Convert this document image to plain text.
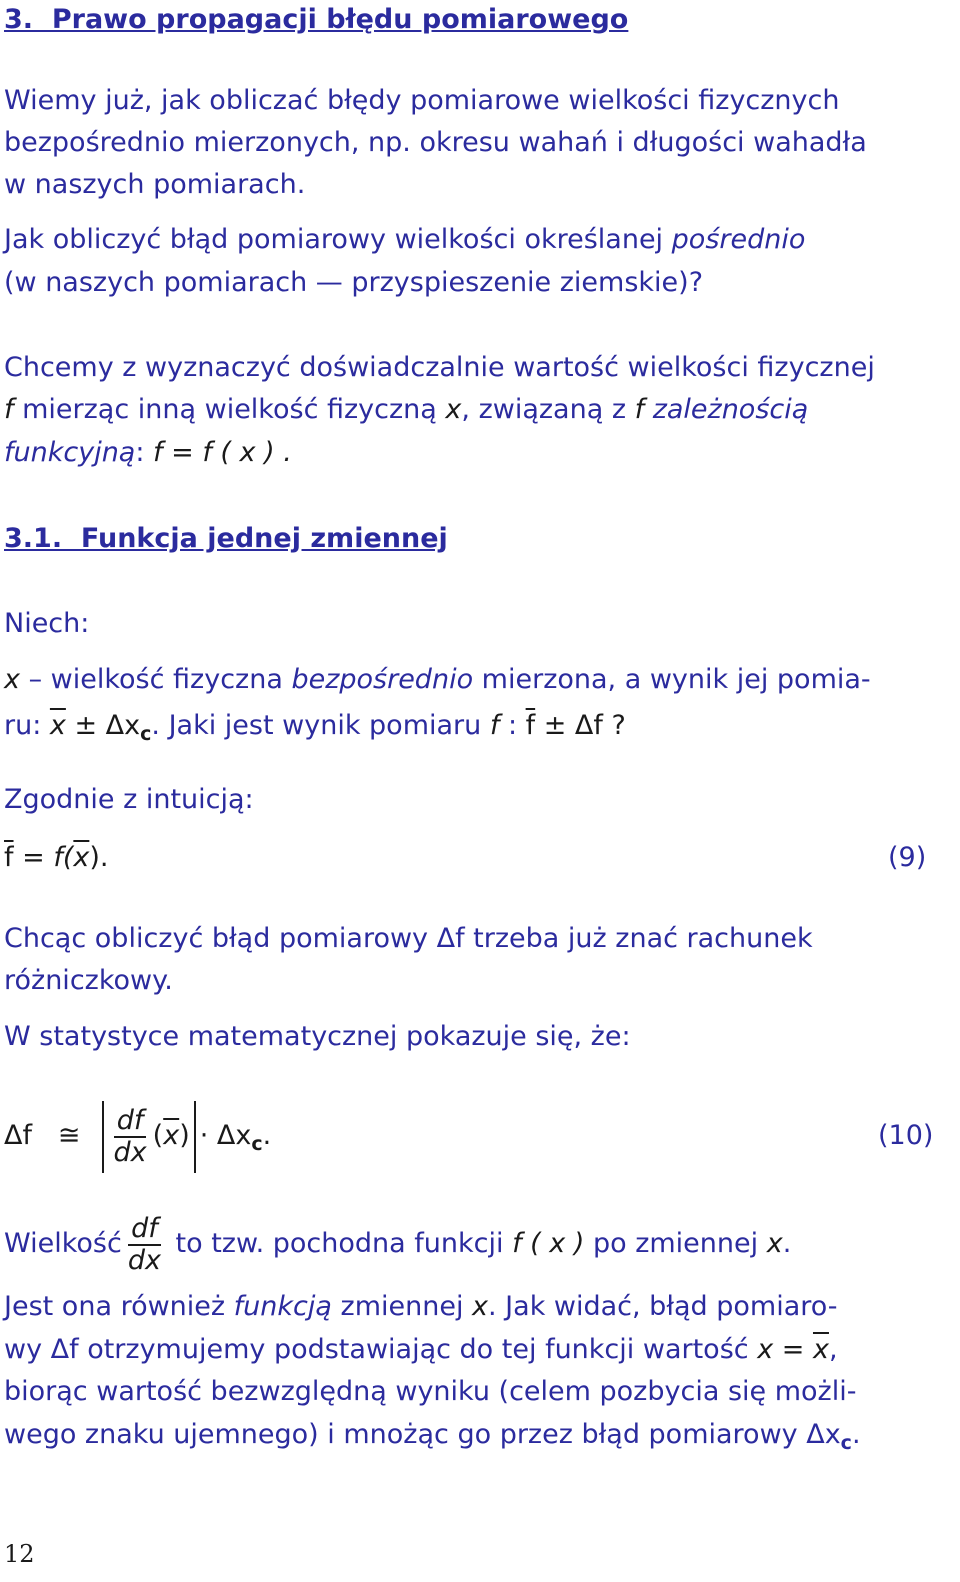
3.  Prawo propagacji błędu pomiarowego
Wiemy już, jak obliczać błędy pomiarowe wielkości fizycznych
bezpośrednio mierzonych, np. okresu wahań i długości wahadła
w naszych pomiarach.
Jak obliczyć błąd pomiarowy wielkości określanej pośrednio
(w naszych pomiarach — przyspieszenie ziemskie)?
Chcemy z wyznaczyć doświadczalnie wartość wielkości fizycznej
f mierząc inną wielkość fizyczną x, związaną z f zależnością
funkcyjną: f = f ( x ) .
3.1.  Funkcja jednej zmiennej
Niech:
x – wielkość fizyczna bezpośrednio mierzona, a wynik jej pomia-
ru: $\overline{x} \pm \Delta x_c$. Jaki jest wynik pomiaru f : $\overline{f} \pm \Delta f$ ?
Zgodnie z intuicją:
$\overline{f} = f(\overline{x})$.	(9)
Chcąc obliczyć błąd pomiarowy Δf trzeba już znać rachunek
różniczkowy.
W statystyce matematycznej pokazuje się, że:
Δf ≅ $\frac{df}{dx} (\overline{x}) \cdot \Delta x_c$.	(10)
Wielkość $\frac{df}{dx}$ to tzw. pochodna funkcji f ( x ) po zmiennej x.
Jest ona również funkcją zmiennej x. Jak widać, błąd pomiaro-
wy Δf otrzymujemy podstawiając do tej funkcji wartość $x = \overline{x}$,
biorąc wartość bezwzględną wyniku (celem pozbycia się możli-
wego znaku ujemnego) i mnożąc go przez błąd pomiarowy $\Delta x_c$.
12
